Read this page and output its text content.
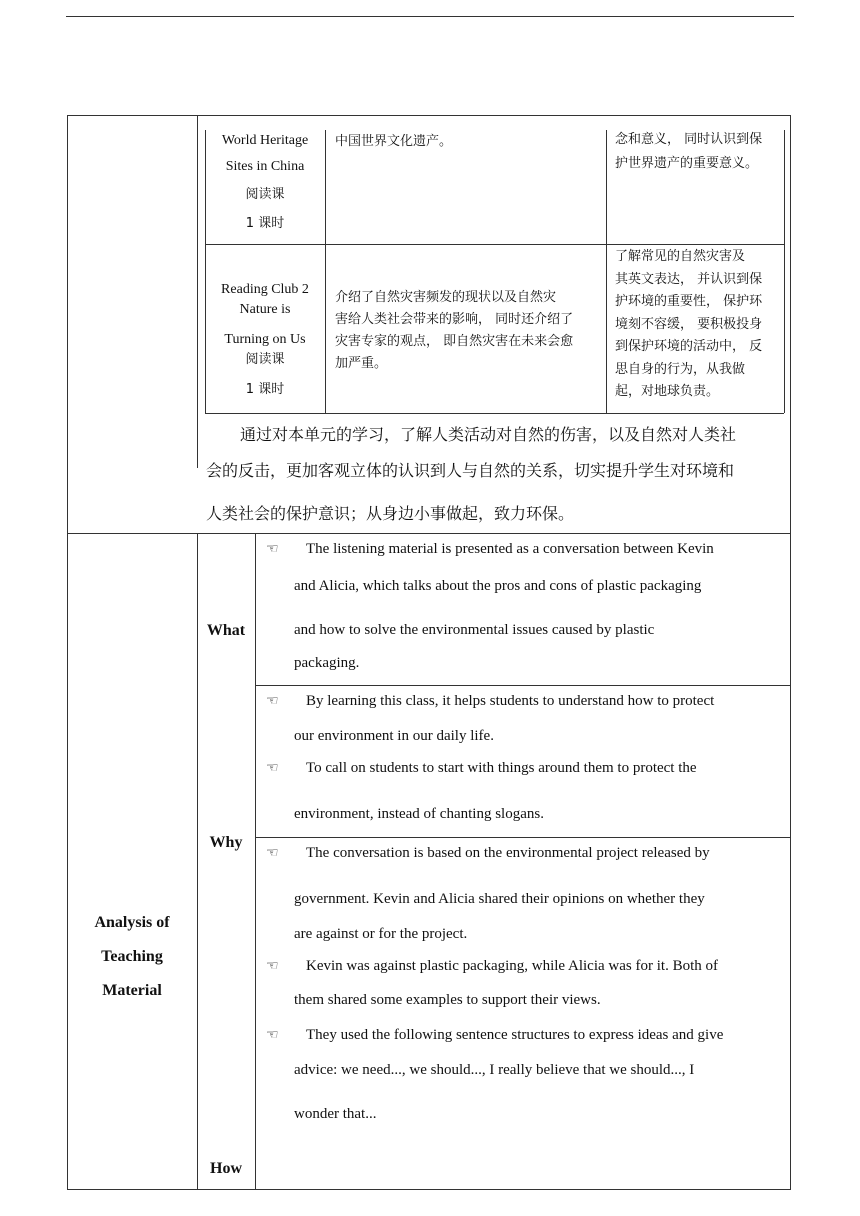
World Heritage
Sites in China
阅读课
1 课时
中国世界文化遗产。	念和意义， 同时认识到保
护世界遗产的重要意义。
Reading Club 2
Nature is
Turning on Us
阅读课
1 课时
介绍了自然灾害频发的现状以及自然灾
害给人类社会带来的影响， 同时还介绍了
灾害专家的观点， 即自然灾害在未来会愈
加严重。
了解常见的自然灾害及
其英文表达， 并认识到保
护环境的重要性， 保护环
境刻不容缓， 要积极投身
到保护环境的活动中， 反
思自身的行为，从我做
起，对地球负责。
通过对本单元的学习，了解人类活动对自然的伤害，以及自然对人类社
会的反击，更加客观立体的认识到人与自然的关系，切实提升学生对环境和
人类社会的保护意识；从身边小事做起，致力环保。
Analysis of
Teaching
Material
What
Why
How
☜ The listening material is presented as a conversation between Kevin
and Alicia, which talks about the pros and cons of plastic packaging
and how to solve the environmental issues caused by plastic
packaging.
☜ By learning this class, it helps students to understand how to protect
our environment in our daily life.
☜ To call on students to start with things around them to protect the
environment, instead of chanting slogans.
☜ The conversation is based on the environmental project released by
government. Kevin and Alicia shared their opinions on whether they
are against or for the project.
☜ Kevin was against plastic packaging, while Alicia was for it. Both of
them shared some examples to support their views.
☜ They used the following sentence structures to express ideas and give
advice: we need..., we should..., I really believe that we should..., I
wonder that...
